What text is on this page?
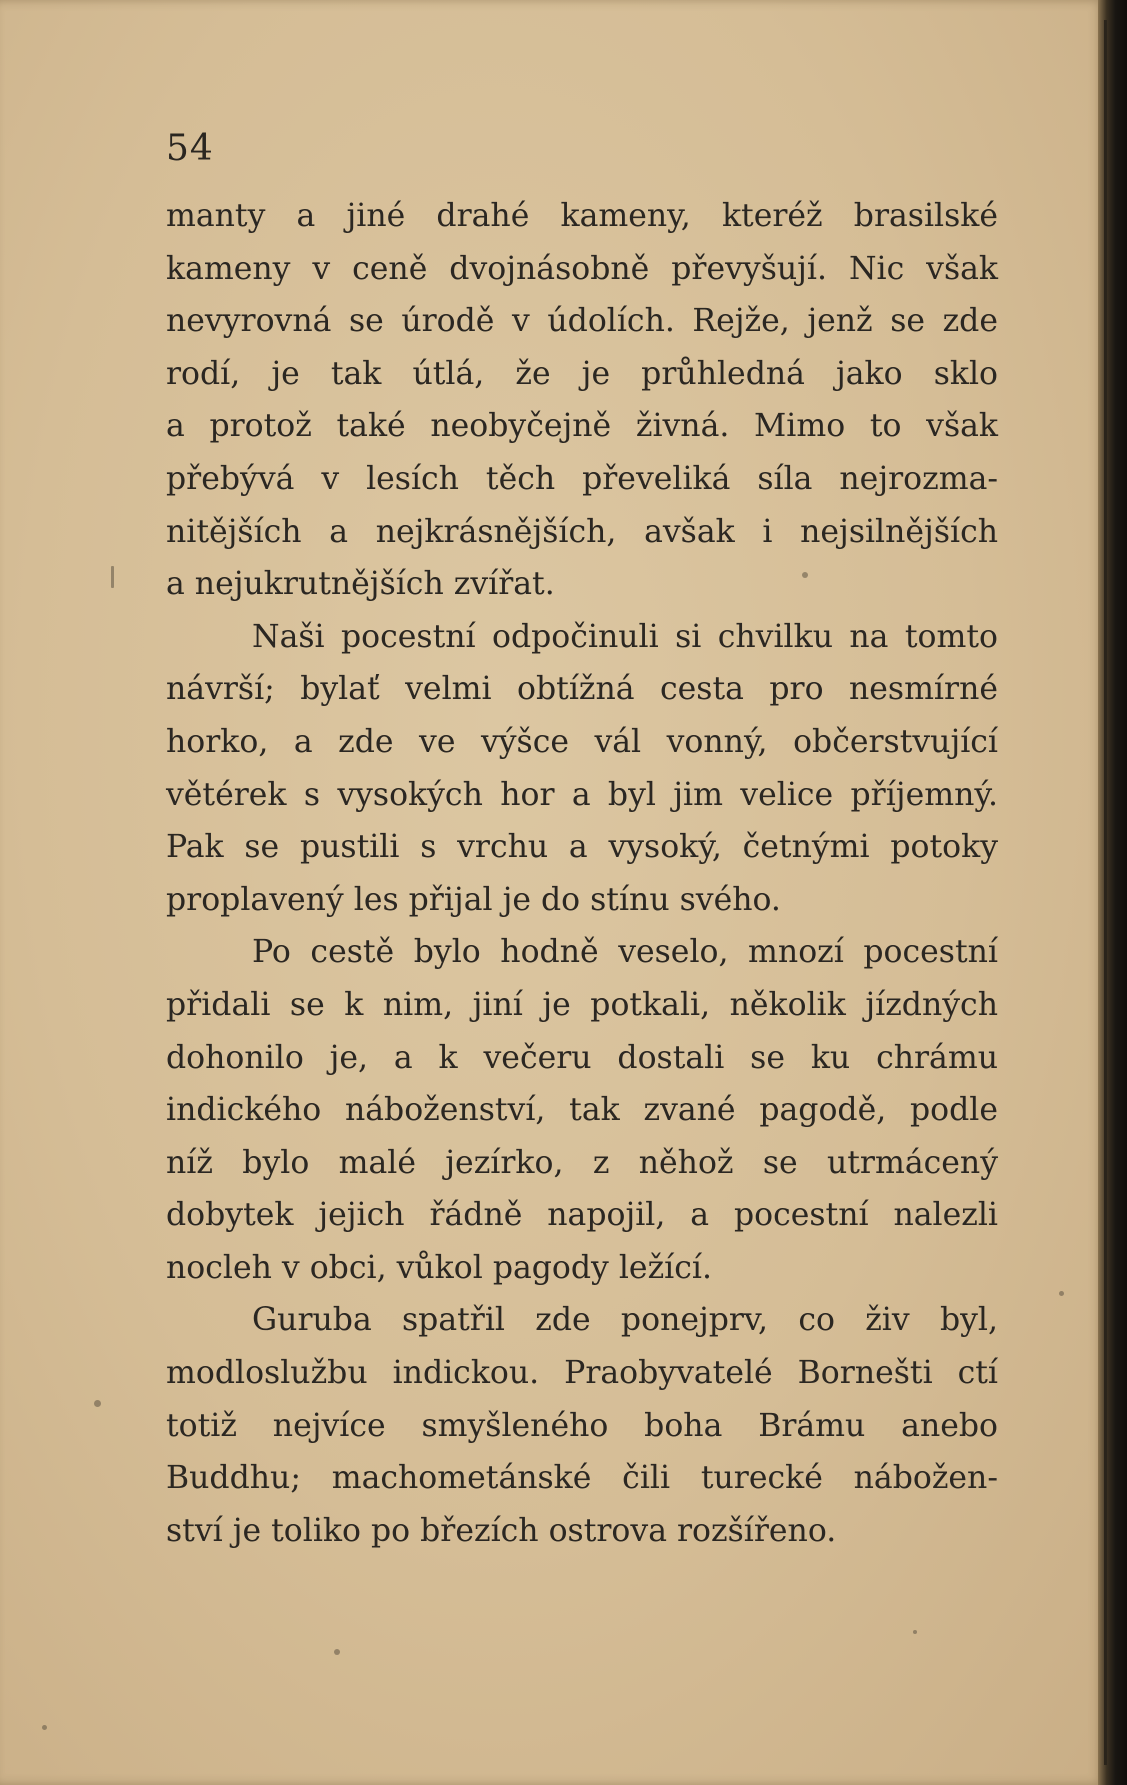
54
manty a jiné drahé kameny, kteréž brasilské
kameny v ceně dvojnásobně převyšují. Nic však
nevyrovná se úrodě v údolích. Rejže, jenž se zde
rodí, je tak útlá, že je průhledná jako sklo
a protož také neobyčejně živná. Mimo to však
přebývá v lesích těch převeliká síla nejrozma-
nitějších a nejkrásnějších, avšak i nejsilnějších
a nejukrutnějších zvířat.
Naši pocestní odpočinuli si chvilku na tomto
návrší; bylať velmi obtížná cesta pro nesmírné
horko, a zde ve výšce vál vonný, občerstvující
větérek s vysokých hor a byl jim velice příjemný.
Pak se pustili s vrchu a vysoký, četnými potoky
proplavený les přijal je do stínu svého.
Po cestě bylo hodně veselo, mnozí pocestní
přidali se k nim, jiní je potkali, několik jízdných
dohonilo je, a k večeru dostali se ku chrámu
indického náboženství, tak zvané pagodě, podle
níž bylo malé jezírko, z něhož se utrmácený
dobytek jejich řádně napojil, a pocestní nalezli
nocleh v obci, vůkol pagody ležící.
Guruba spatřil zde ponejprv, co živ byl,
modloslužbu indickou. Praobyvatelé Bornešti ctí
totiž nejvíce smyšleného boha Brámu anebo
Buddhu; machometánské čili turecké nábožen-
ství je toliko po březích ostrova rozšířeno.
